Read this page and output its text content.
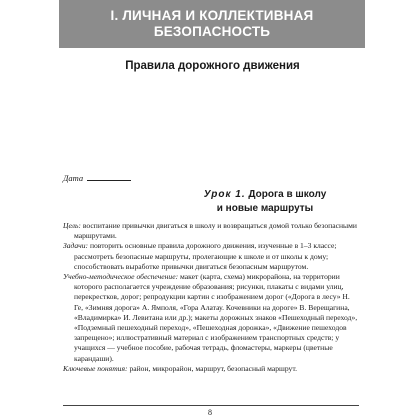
I. ЛИЧНАЯ И КОЛЛЕКТИВНАЯ БЕЗОПАСНОСТЬ
Правила дорожного движения
Дата
Урок 1. Дорога в школу
и новые маршруты

Цель: воспитание привычки двигаться в школу и возвращаться домой только безопасными маршрутами.

Задачи: повторить основные правила дорожного движения, изученные в 1–3 классе; рассмотреть безопасные маршруты, пролегающие к школе и от школы к дому; способствовать выработке привычки двигаться безопасным маршрутом.

Учебно-методическое обеспечение: макет (карта, схема) микрорайона, на территории которого располагается учреждение образования; рисунки, плакаты с видами улиц, перекрестков, дорог; репродукции картин с изображением дорог («Дорога в лесу» Н. Ге, «Зимняя дорога» А. Ямполя, «Гора Алатау. Кочевники на дороге» В. Верещагина, «Владимирка» И. Левитана или др.); макеты дорожных знаков «Пешеходный переход», «Подземный пешеходный переход», «Пешеходная дорожка», «Движение пешеходов запрещено»; иллюстративный материал с изображением транспортных средств; у учащихся — учебное пособие, рабочая тетрадь, фломастеры, маркеры (цветные карандаши).

Ключевые понятия: район, микрорайон, маршрут, безопасный маршрут.

8
